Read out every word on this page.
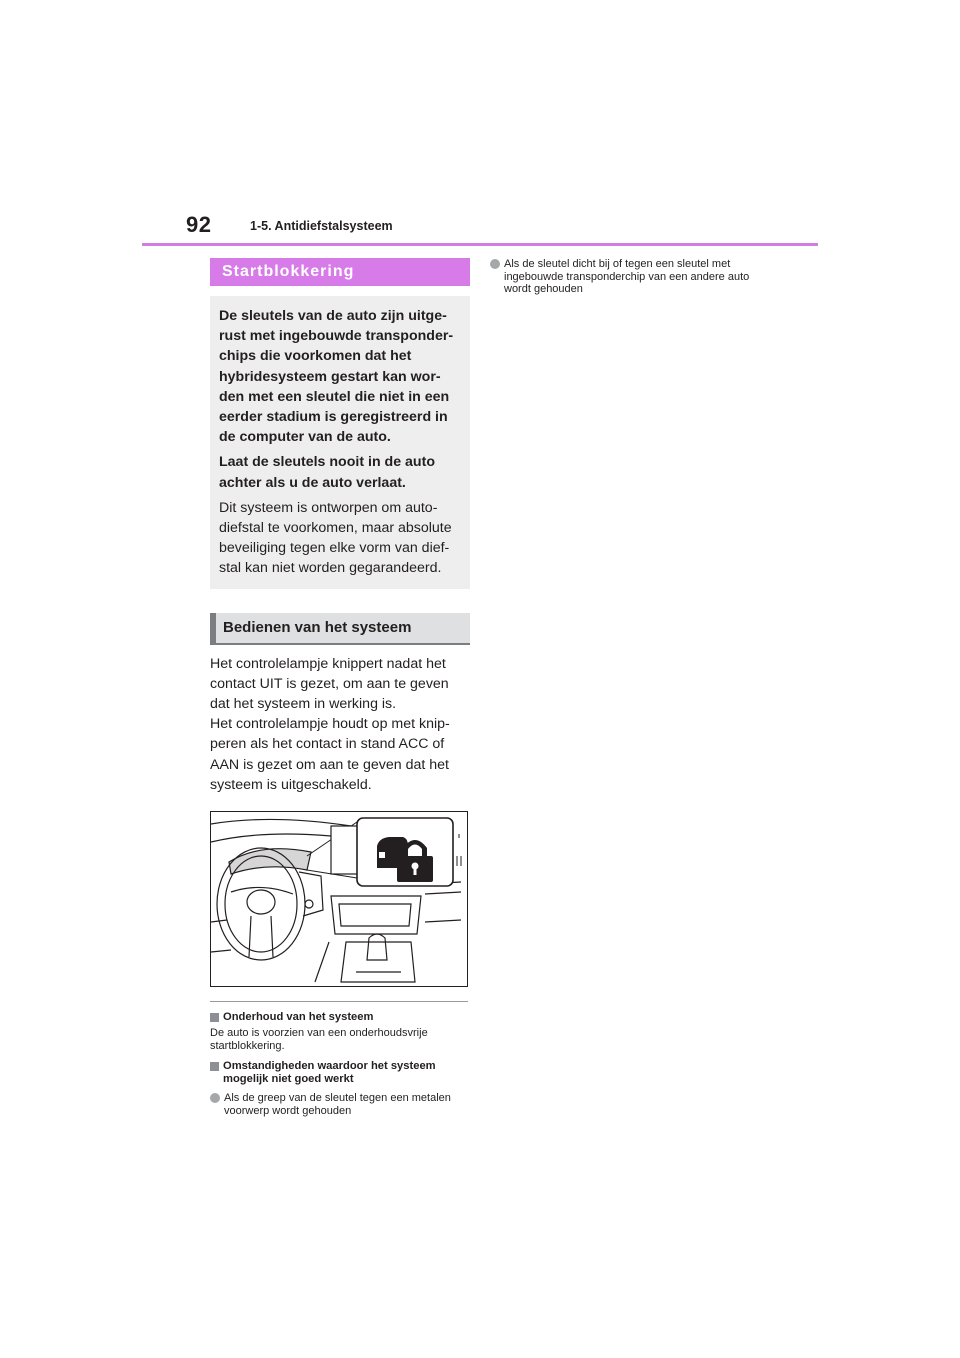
92	1-5. Antidiefstalsysteem
Startblokkering

De sleutels van de auto zijn uitge-rust met ingebouwde transponder-chips die voorkomen dat het hybridesysteem gestart kan wor-den met een sleutel die niet in een eerder stadium is geregistreerd in de computer van de auto.

Laat de sleutels nooit in de auto achter als u de auto verlaat.

Dit systeem is ontworpen om auto-diefstal te voorkomen, maar absolute beveiliging tegen elke vorm van dief-stal kan niet worden gegarandeerd.

Bedienen van het systeem

Het controlelampje knippert nadat het contact UIT is gezet, om aan te geven dat het systeem in werking is.

Het controlelampje houdt op met knip-peren als het contact in stand ACC of AAN is gezet om aan te geven dat het systeem is uitgeschakeld.

Onderhoud van het systeem
De auto is voorzien van een onderhoudsvrije startblokkering.
Omstandigheden waardoor het systeem mogelijk niet goed werkt
Als de greep van de sleutel tegen een metalen voorwerp wordt gehouden
Als de sleutel dicht bij of tegen een sleutel met ingebouwde transponderchip van een andere auto wordt gehouden
